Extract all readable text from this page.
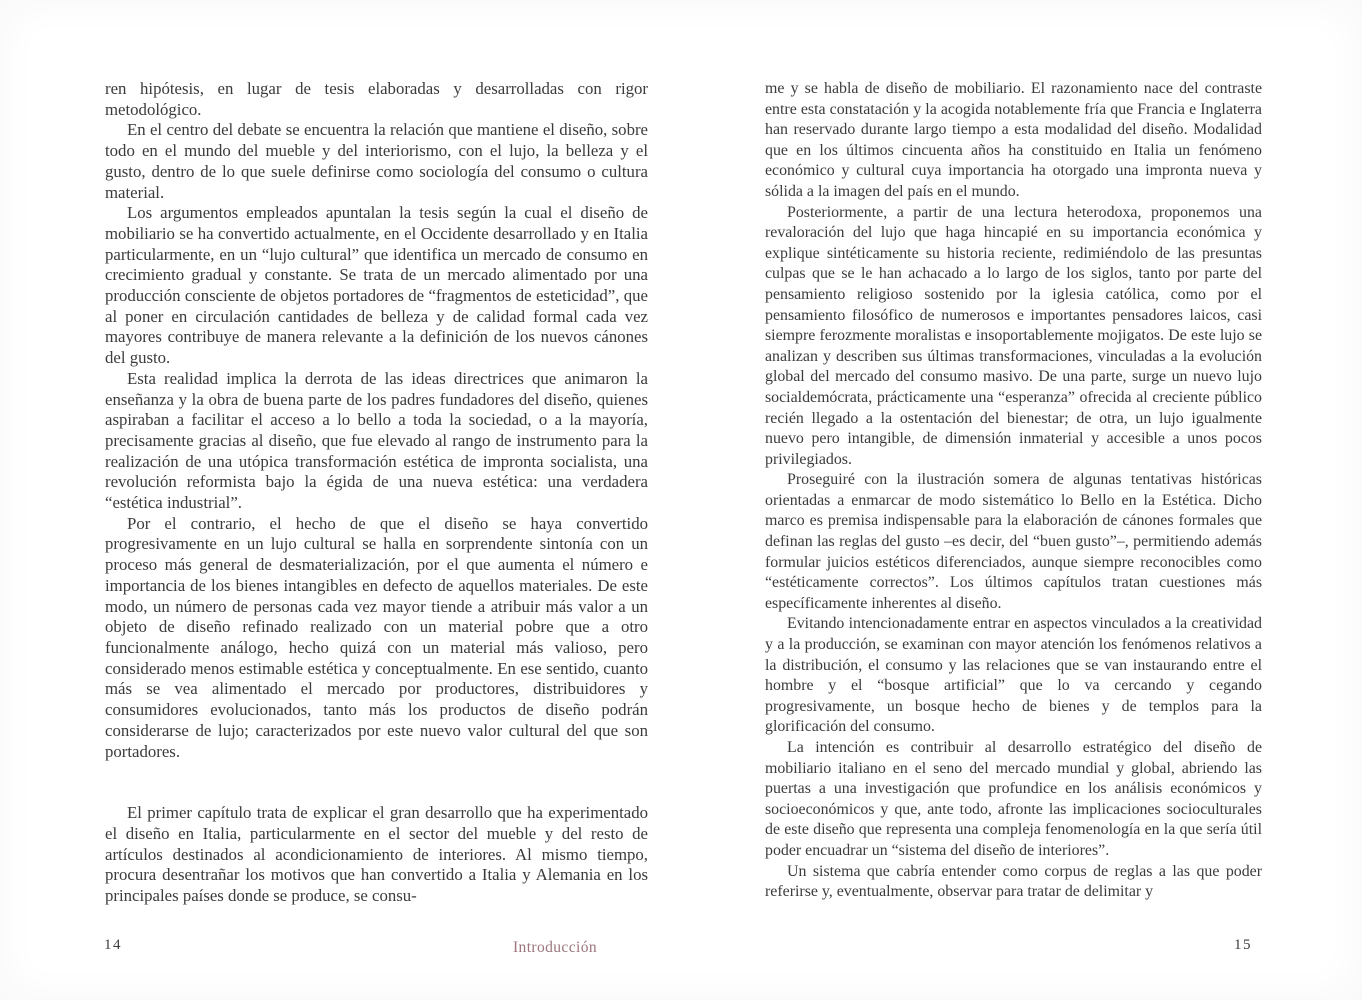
ren hipótesis, en lugar de tesis elaboradas y desarrolladas con rigor metodológico.

En el centro del debate se encuentra la relación que mantiene el diseño, sobre todo en el mundo del mueble y del interiorismo, con el lujo, la belleza y el gusto, dentro de lo que suele definirse como sociología del consumo o cultura material.

Los argumentos empleados apuntalan la tesis según la cual el diseño de mobiliario se ha convertido actualmente, en el Occidente desarrollado y en Italia particularmente, en un “lujo cultural” que identifica un mercado de consumo en crecimiento gradual y constante. Se trata de un mercado alimentado por una producción consciente de objetos portadores de “fragmentos de esteticidad”, que al poner en circulación cantidades de belleza y de calidad formal cada vez mayores contribuye de manera relevante a la definición de los nuevos cánones del gusto.

Esta realidad implica la derrota de las ideas directrices que animaron la enseñanza y la obra de buena parte de los padres fundadores del diseño, quienes aspiraban a facilitar el acceso a lo bello a toda la sociedad, o a la mayoría, precisamente gracias al diseño, que fue elevado al rango de instrumento para la realización de una utópica transformación estética de impronta socialista, una revolución reformista bajo la égida de una nueva estética: una verdadera “estética industrial”.

Por el contrario, el hecho de que el diseño se haya convertido progresivamente en un lujo cultural se halla en sorprendente sintonía con un proceso más general de desmaterialización, por el que aumenta el número e importancia de los bienes intangibles en defecto de aquellos materiales. De este modo, un número de personas cada vez mayor tiende a atribuir más valor a un objeto de diseño refinado realizado con un material pobre que a otro funcionalmente análogo, hecho quizá con un material más valioso, pero considerado menos estimable estética y conceptualmente. En ese sentido, cuanto más se vea alimentado el mercado por productores, distribuidores y consumidores evolucionados, tanto más los productos de diseño podrán considerarse de lujo; caracterizados por este nuevo valor cultural del que son portadores.

El primer capítulo trata de explicar el gran desarrollo que ha experimentado el diseño en Italia, particularmente en el sector del mueble y del resto de artículos destinados al acondicionamiento de interiores. Al mismo tiempo, procura desentrañar los motivos que han convertido a Italia y Alemania en los principales países donde se produce, se consu-

me y se habla de diseño de mobiliario. El razonamiento nace del contraste entre esta constatación y la acogida notablemente fría que Francia e Inglaterra han reservado durante largo tiempo a esta modalidad del diseño. Modalidad que en los últimos cincuenta años ha constituido en Italia un fenómeno económico y cultural cuya importancia ha otorgado una impronta nueva y sólida a la imagen del país en el mundo.

Posteriormente, a partir de una lectura heterodoxa, proponemos una revaloración del lujo que haga hincapié en su importancia económica y explique sintéticamente su historia reciente, redimiéndolo de las presuntas culpas que se le han achacado a lo largo de los siglos, tanto por parte del pensamiento religioso sostenido por la iglesia católica, como por el pensamiento filosófico de numerosos e importantes pensadores laicos, casi siempre ferozmente moralistas e insoportablemente mojigatos. De este lujo se analizan y describen sus últimas transformaciones, vinculadas a la evolución global del mercado del consumo masivo. De una parte, surge un nuevo lujo socialdemócrata, prácticamente una “esperanza” ofrecida al creciente público recién llegado a la ostentación del bienestar; de otra, un lujo igualmente nuevo pero intangible, de dimensión inmaterial y accesible a unos pocos privilegiados.

Proseguiré con la ilustración somera de algunas tentativas históricas orientadas a enmarcar de modo sistemático lo Bello en la Estética. Dicho marco es premisa indispensable para la elaboración de cánones formales que definan las reglas del gusto –es decir, del “buen gusto”–, permitiendo además formular juicios estéticos diferenciados, aunque siempre reconocibles como “estéticamente correctos”. Los últimos capítulos tratan cuestiones más específicamente inherentes al diseño.

Evitando intencionadamente entrar en aspectos vinculados a la creatividad y a la producción, se examinan con mayor atención los fenómenos relativos a la distribución, el consumo y las relaciones que se van instaurando entre el hombre y el “bosque artificial” que lo va cercando y cegando progresivamente, un bosque hecho de bienes y de templos para la glorificación del consumo.

La intención es contribuir al desarrollo estratégico del diseño de mobiliario italiano en el seno del mercado mundial y global, abriendo las puertas a una investigación que profundice en los análisis económicos y socioeconómicos y que, ante todo, afronte las implicaciones socioculturales de este diseño que representa una compleja fenomenología en la que sería útil poder encuadrar un “sistema del diseño de interiores”.

Un sistema que cabría entender como corpus de reglas a las que poder referirse y, eventualmente, observar para tratar de delimitar y

14	Introducción	15
